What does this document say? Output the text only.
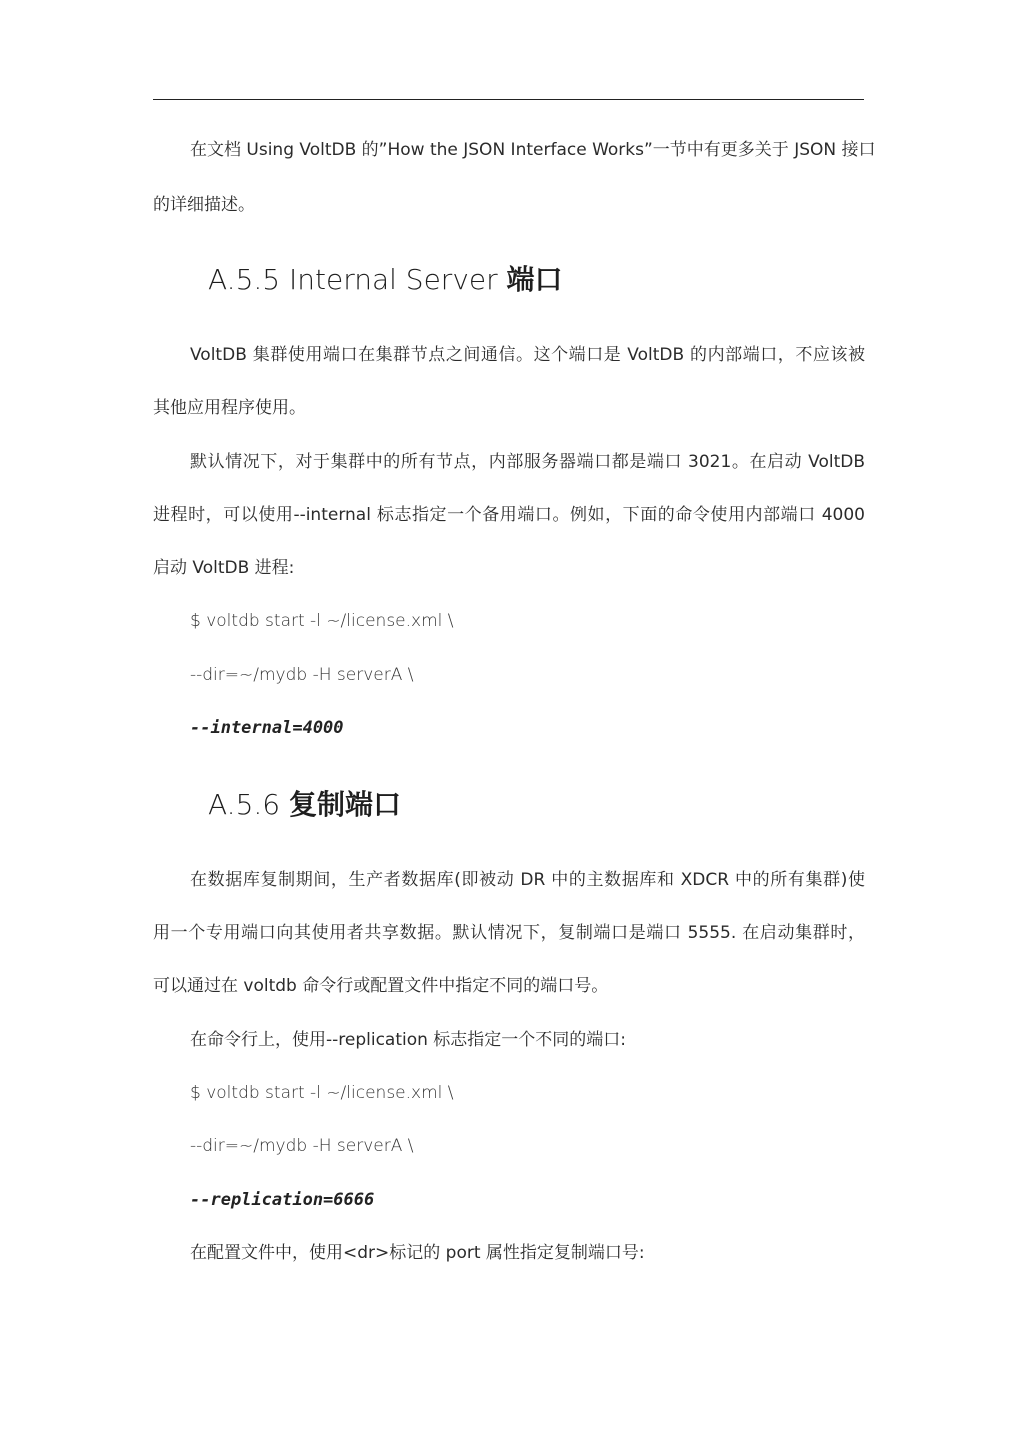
在文档 Using VoltDB 的”How the JSON Interface Works”一节中有更多关于 JSON 接口
的详细描述。
A.5.5 Internal Server 端口
VoltDB 集群使用端口在集群节点之间通信。这个端口是 VoltDB 的内部端口，不应该被
其他应用程序使用。
默认情况下，对于集群中的所有节点，内部服务器端口都是端口 3021。在启动 VoltDB
进程时，可以使用--internal 标志指定一个备用端口。例如，下面的命令使用内部端口 4000
启动 VoltDB 进程:
$ voltdb start -l ~/license.xml \
--dir=~/mydb -H serverA \
--internal=4000
A.5.6 复制端口
在数据库复制期间，生产者数据库(即被动 DR 中的主数据库和 XDCR 中的所有集群)使
用一个专用端口向其使用者共享数据。默认情况下，复制端口是端口 5555. 在启动集群时，
可以通过在 voltdb 命令行或配置文件中指定不同的端口号。
在命令行上，使用--replication 标志指定一个不同的端口:
$ voltdb start -l ~/license.xml \
--dir=~/mydb -H serverA \
--replication=6666
在配置文件中，使用<dr>标记的 port 属性指定复制端口号:
